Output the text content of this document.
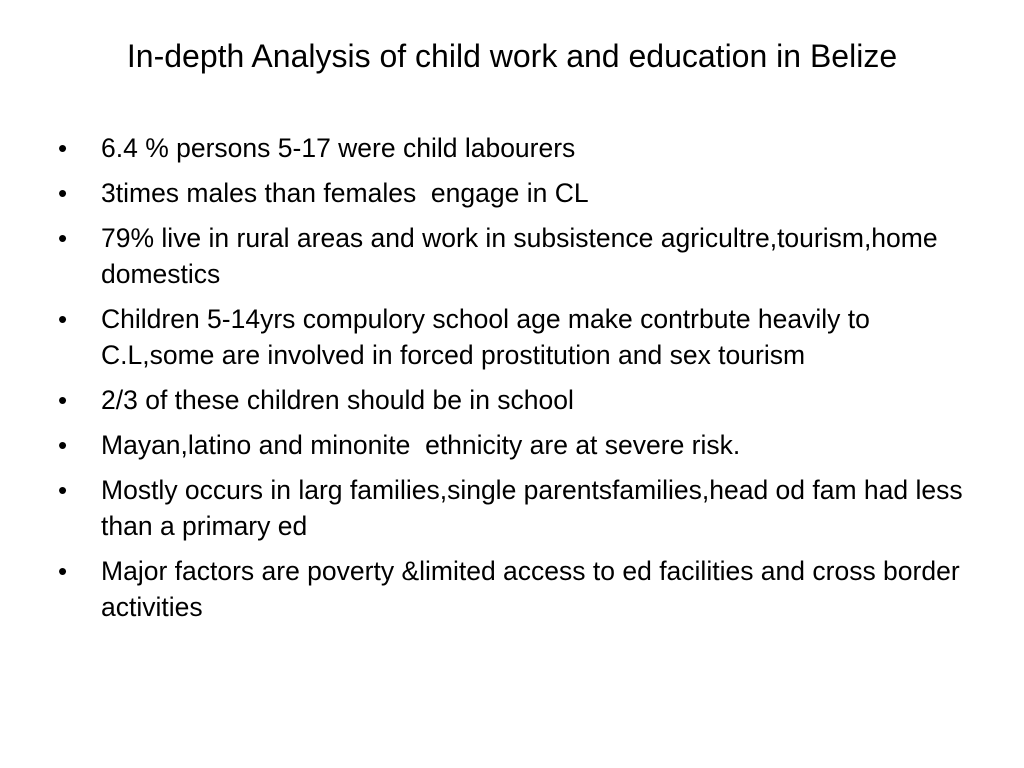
In-depth Analysis of child work and education in Belize
•	6.4 % persons 5-17 were child labourers
•	3times males than females  engage in CL
•	79% live in rural areas and work in subsistence agricultre,tourism,home domestics
•	Children 5-14yrs compulory school age make contrbute heavily to C.L,some are involved in forced prostitution and sex tourism
•	2/3 of these children should be in school
•	Mayan,latino and minonite  ethnicity are at severe risk.
•	Mostly occurs in larg families,single parentsfamilies,head od fam had less than a primary ed
•	Major factors are poverty &limited access to ed facilities and cross border activities
